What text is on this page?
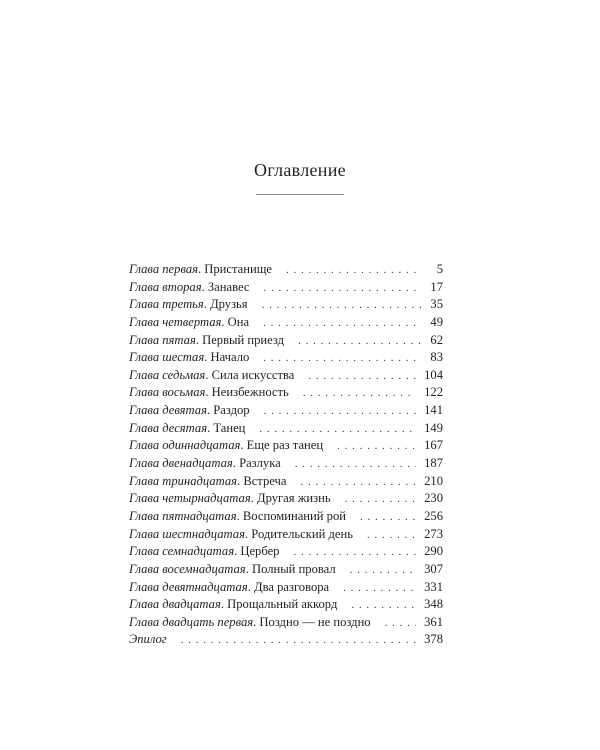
Оглавление
Глава первая . Пристанище . . .	5
Глава вторая . Занавес . . .	17
Глава третья . Друзья . . .	35
Глава четвертая . Она . . .	49
Глава пятая . Первый приезд . . .	62
Глава шестая . Начало . . .	83
Глава седьмая . Сила искусства . . .	104
Глава восьмая . Неизбежность . . .	122
Глава девятая . Раздор . . .	141
Глава десятая . Танец . . .	149
Глава одиннадцатая . Еще раз танец . . .	167
Глава двенадцатая . Разлука . . .	187
Глава тринадцатая . Встреча . . .	210
Глава четырнадцатая . Другая жизнь . . .	230
Глава пятнадцатая . Воспоминаний рой . . .	256
Глава шестнадцатая . Родительский день . . .	273
Глава семнадцатая . Цербер . . .	290
Глава восемнадцатая . Полный провал . . .	307
Глава девятнадцатая . Два разговора . . .	331
Глава двадцатая . Прощальный аккорд . . .	348
Глава двадцать первая . Поздно — не поздно . . .	361
Эпилог . . .	378
